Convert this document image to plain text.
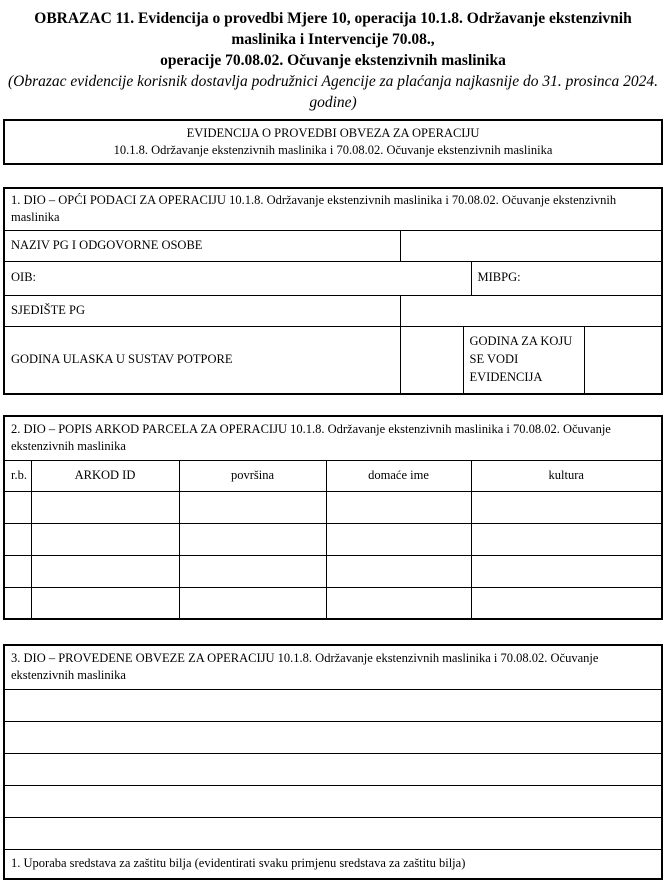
OBRAZAC 11. Evidencija o provedbi Mjere 10, operacija 10.1.8. Održavanje ekstenzivnih maslinika i Intervencije 70.08.,
operacije 70.08.02. Očuvanje ekstenzivnih maslinika
(Obrazac evidencije korisnik dostavlja podružnici Agencije za plaćanja najkasnije do 31. prosinca 2024. godine)
EVIDENCIJA O PROVEDBI OBVEZA ZA OPERACIJU
10.1.8. Održavanje ekstenzivnih maslinika i 70.08.02. Očuvanje ekstenzivnih maslinika
1. DIO – OPĆI PODACI ZA OPERACIJU 10.1.8. Održavanje ekstenzivnih maslinika i 70.08.02. Očuvanje ekstenzivnih maslinika				
NAZIV PG I ODGOVORNE OSOBE				
OIB:			MIBPG:	
SJEDIŠTE PG				
GODINA ULASKA U SUSTAV POTPORE		GODINA ZA KOJU SE VODI EVIDENCIJA		
2. DIO – POPIS ARKOD PARCELA ZA OPERACIJU 10.1.8. Održavanje ekstenzivnih maslinika i 70.08.02. Očuvanje ekstenzivnih maslinika				
r.b.	ARKOD ID	površina	domaće ime	kultura

3. DIO – PROVEDENE OBVEZE ZA OPERACIJU 10.1.8. Održavanje ekstenzivnih maslinika i 70.08.02. Očuvanje ekstenzivnih maslinika

1. Uporaba sredstava za zaštitu bilja (evidentirati svaku primjenu sredstava za zaštitu bilja)
